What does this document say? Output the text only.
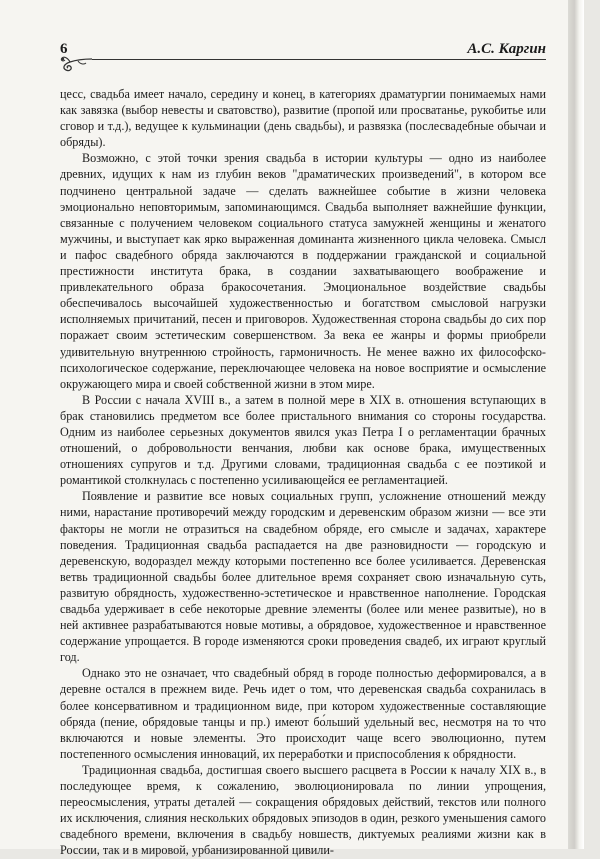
6	А.С. Каргин

цесс, свадьба имеет начало, середину и конец, в категориях драматургии понимаемых нами как завязка (выбор невесты и сватовство), развитие (пропой или просватанье, рукобитье или сговор и т.д.), ведущее к кульминации (день свадьбы), и развязка (послесвадебные обычаи и обряды).

Возможно, с этой точки зрения свадьба в истории культуры — одно из наиболее древних, идущих к нам из глубин веков "драматических произведений", в котором все подчинено центральной задаче — сделать важнейшее событие в жизни человека эмоционально неповторимым, запоминающимся. Свадьба выполняет важнейшие функции, связанные с получением человеком социального статуса замужней женщины и женатого мужчины, и выступает как ярко выраженная доминанта жизненного цикла человека. Смысл и пафос свадебного обряда заключаются в поддержании гражданской и социальной престижности института брака, в создании захватывающего воображение и привлекательного образа бракосочетания. Эмоциональное воздействие свадьбы обеспечивалось высочайшей художественностью и богатством смысловой нагрузки исполняемых причитаний, песен и приговоров. Художественная сторона свадьбы до сих пор поражает своим эстетическим совершенством. За века ее жанры и формы приобрели удивительную внутреннюю стройность, гармоничность. Не менее важно их философско-психологическое содержание, переключающее человека на новое восприятие и осмысление окружающего мира и своей собственной жизни в этом мире.

В России с начала XVIII в., а затем в полной мере в XIX в. отношения вступающих в брак становились предметом все более пристального внимания со стороны государства. Одним из наиболее серьезных документов явился указ Петра I о регламентации брачных отношений, о добровольности венчания, любви как основе брака, имущественных отношениях супругов и т.д. Другими словами, традиционная свадьба с ее поэтикой и романтикой столкнулась с постепенно усиливающейся ее регламентацией.

Появление и развитие все новых социальных групп, усложнение отношений между ними, нарастание противоречий между городским и деревенским образом жизни — все эти факторы не могли не отразиться на свадебном обряде, его смысле и задачах, характере поведения. Традиционная свадьба распадается на две разновидности — городскую и деревенскую, водораздел между которыми постепенно все более усиливается. Деревенская ветвь традиционной свадьбы более длительное время сохраняет свою изначальную суть, развитую обрядность, художественно-эстетическое и нравственное наполнение. Городская свадьба удерживает в себе некоторые древние элементы (более или менее развитые), но в ней активнее разрабатываются новые мотивы, а обрядовое, художественное и нравственное содержание упрощается. В городе изменяются сроки проведения свадеб, их играют круглый год.

Однако это не означает, что свадебный обряд в городе полностью деформировался, а в деревне остался в прежнем виде. Речь идет о том, что деревенская свадьба сохранилась в более консервативном и традиционном виде, при котором художественные составляющие обряда (пение, обрядовые танцы и пр.) имеют бо́льший удельный вес, несмотря на то что включаются и новые элементы. Это происходит чаще всего эволюционно, путем постепенного осмысления инноваций, их переработки и приспособления к обрядности.

Традиционная свадьба, достигшая своего высшего расцвета в России к началу XIX в., в последующее время, к сожалению, эволюционировала по линии упрощения, переосмысления, утраты деталей — сокращения обрядовых действий, текстов или полного их исключения, слияния нескольких обрядовых эпизодов в один, резкого уменьшения самого свадебного времени, включения в свадьбу новшеств, диктуемых реалиями жизни как в России, так и в мировой, урбанизированной цивили-
